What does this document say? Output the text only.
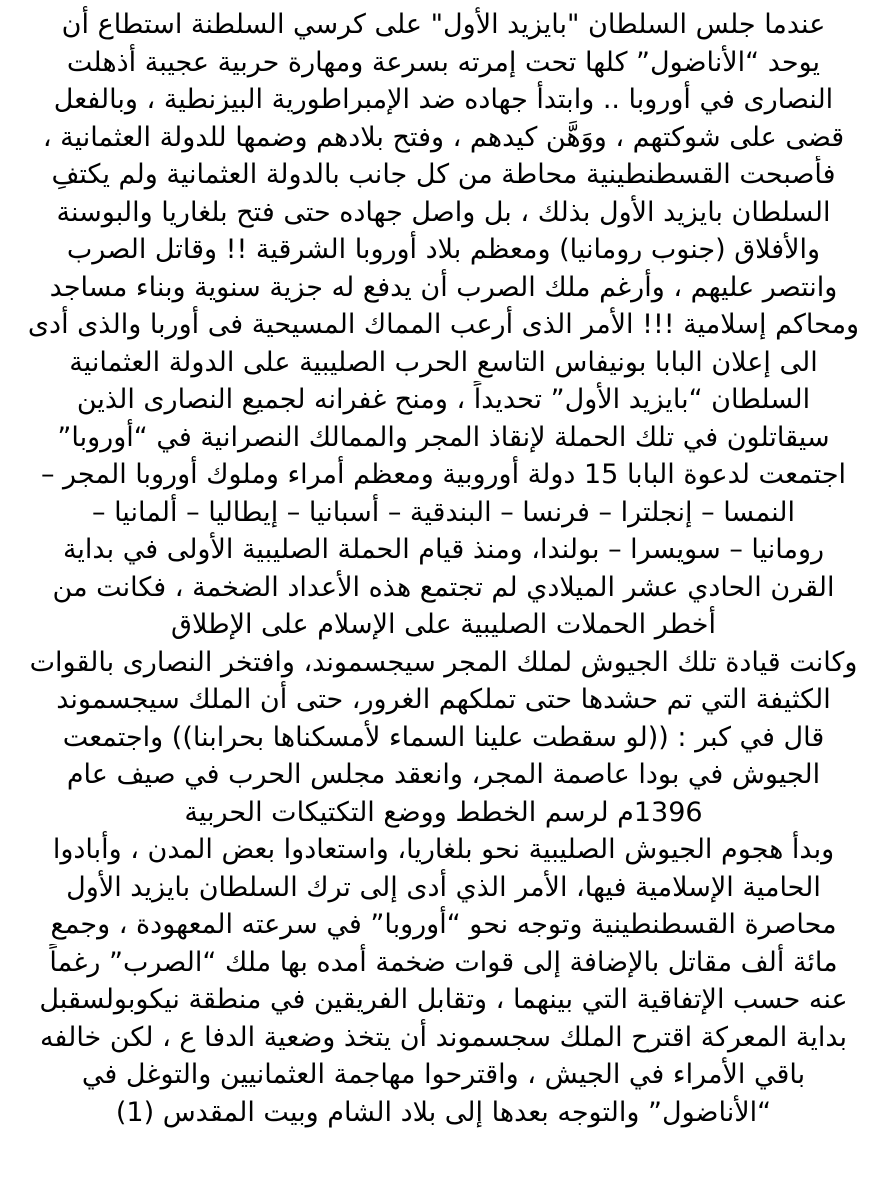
عندما جلس السلطان "بايزيد الأول" على كرسي السلطنة استطاع أن
يوحد “الأناضول” كلها تحت إمرته بسرعة ومهارة حربية عجيبة أذهلت
النصارى في أوروبا .. وابتدأ جهاده ضد الإمبراطورية البيزنطية ، وبالفعل
قضى على شوكتهم ، ووَهَّن كيدهم ، وفتح بلادهم وضمها للدولة العثمانية ،
فأصبحت القسطنطينية محاطة من كل جانب بالدولة العثمانية ولم يكتفِ
السلطان بايزيد الأول بذلك ، بل واصل جهاده حتى فتح بلغاريا والبوسنة
والأفلاق (جنوب رومانيا) ومعظم بلاد أوروبا الشرقية !! وقاتل الصرب
وانتصر عليهم ، وأرغم ملك الصرب أن يدفع له جزية سنوية وبناء مساجد
ومحاكم إسلامية !!! الأمر الذى أرعب المماك المسيحية فى أوربا والذى أدى
الى إعلان البابا بونيفاس التاسع الحرب الصليبية على الدولة العثمانية
السلطان “بايزيد الأول” تحديداً ، ومنح غفرانه لجميع النصارى الذين
سيقاتلون في تلك الحملة لإنقاذ المجر والممالك النصرانية في “أوروبا”
اجتمعت لدعوة البابا 15 دولة أوروبية ومعظم أمراء وملوك أوروبا المجر –
النمسا – إنجلترا – فرنسا – البندقية – أسبانيا – إيطاليا – ألمانيا –
رومانيا – سويسرا – بولندا، ومنذ قيام الحملة الصليبية الأولى في بداية
القرن الحادي عشر الميلادي لم تجتمع هذه الأعداد الضخمة ، فكانت من
أخطر الحملات الصليبية على الإسلام على الإطلاق
وكانت قيادة تلك الجيوش لملك المجر سيجسموند، وافتخر النصارى بالقوات
الكثيفة التي تم حشدها حتى تملكهم الغرور، حتى أن الملك سيجسموند
قال في كبر : ((لو سقطت علينا السماء لأمسكناها بحرابنا)) واجتمعت
الجيوش في بودا عاصمة المجر، وانعقد مجلس الحرب في صيف عام
1396م لرسم الخطط ووضع التكتيكات الحربية
وبدأ هجوم الجيوش الصليبية نحو بلغاريا، واستعادوا بعض المدن ، وأبادوا
الحامية الإسلامية فيها، الأمر الذي أدى إلى ترك السلطان بايزيد الأول
محاصرة القسطنطينية وتوجه نحو “أوروبا” في سرعته المعهودة ، وجمع
مائة ألف مقاتل بالإضافة إلى قوات ضخمة أمده بها ملك “الصرب” رغماً
عنه حسب الإتفاقية التي بينهما ، وتقابل الفريقين في منطقة نيكوبولسقبل
بداية المعركة اقترح الملك سجسموند أن يتخذ وضعية الدفا ع ، لكن خالفه
باقي الأمراء في الجيش ، واقترحوا مهاجمة العثمانيين والتوغل في
“الأناضول” والتوجه بعدها إلى بلاد الشام وبيت المقدس (1)
